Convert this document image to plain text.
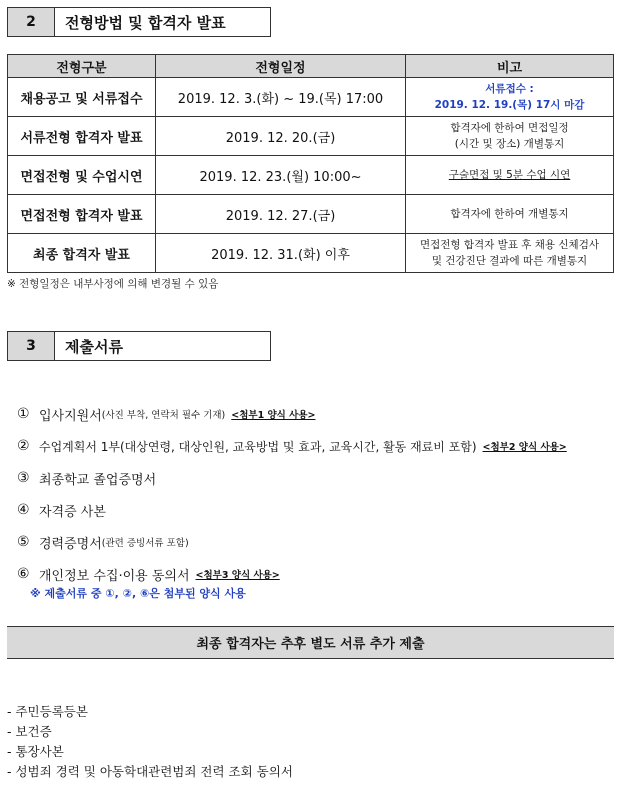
2	전형방법 및 합격자 발표
전형구분	전형일정	비고
채용공고 및 서류접수	2019. 12. 3.(화) ~ 19.(목) 17:00	서류접수 :
2019. 12. 19.(목) 17시 마감

서류전형 합격자 발표	2019. 12. 20.(금)	합격자에 한하여 면접일정
(시간 및 장소) 개별통지

면접전형 및 수업시연	2019. 12. 23.(월) 10:00~	구술면접 및 5분 수업 시연
면접전형 합격자 발표	2019. 12. 27.(금)	합격자에 한하여 개별통지
최종 합격자 발표	2019. 12. 31.(화) 이후	면접전형 합격자 발표 후 채용 신체검사
및 건강진단 결과에 따른 개별통지
※ 전형일정은 내부사정에 의해 변경될 수 있음
3	제출서류
① 입사지원서 (사진 부착, 연락처 필수 기재) <첨부1 양식 사용>
② 수업계획서 1부(대상연령, 대상인원, 교육방법 및 효과, 교육시간, 활동 재료비 포함) <첨부2 양식 사용>
③ 최종학교 졸업증명서
④ 자격증 사본
⑤ 경력증명서 (관련 증빙서류 포함)
⑥ 개인정보 수집·이용 동의서 <첨부3 양식 사용>
※ 제출서류 중 ①, ②, ⑥은 첨부된 양식 사용
최종 합격자는 추후 별도 서류 추가 제출
- 주민등록등본
- 보건증
- 통장사본
- 성범죄 경력 및 아동학대관련범죄 전력 조회 동의서
